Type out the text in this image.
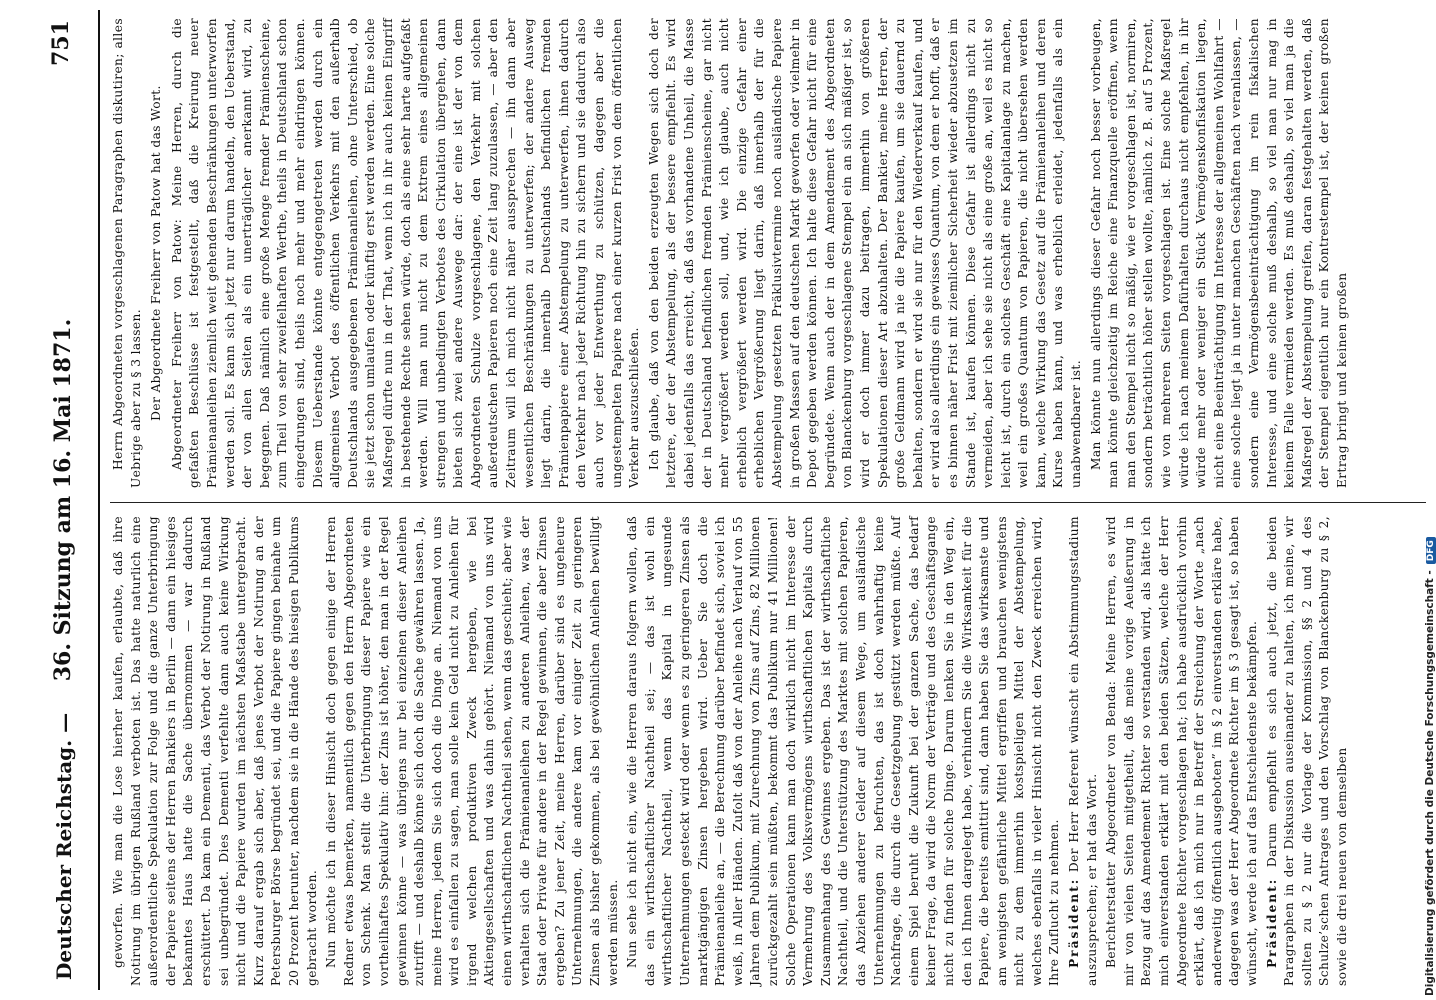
Deutscher Reichstag. —
36. Sitzung am 16. Mai 1871.
751

geworfen. Wie man die Lose hierher kaufen, erlaubte, daß ihre Notirung im übrigen Rußland verboten ist. Das hatte naturlich eine außerordentliche Spekulation zur Folge und die ganze Unterbringung der Papiere seitens der Herren Bankiers in Berlin — dann ein hiesiges bekanntes Haus hatte die Sache übernommen — war dadurch erschüttert. Da kam ein Dementi, das Verbot der Notirung in Rußland sei unbegründet. Dies Dementi verfehlte dann auch keine Wirkung nicht und die Papiere wurden im nächsten Maßstabe untergebracht. Kurz darauf ergab sich aber, daß jenes Verbot der Notirung an der Petersburger Börse begründet sei, und die Papiere gingen beinahe um 20 Prozent herunter, nachdem sie in die Hände des hiesigen Publikums gebracht worden. Nun möchte ich in dieser Hinsicht doch gegen einige der Herren Redner etwas bemerken, namentlich gegen den Herrn Abgeordneten von Schenk. Man stellt die Unterbringung dieser Papiere wie ein vortheilhaftes Spekulativ hin: der Zins ist höher, den man in der Regel gewinnen könne — was übrigens nur bei einzelnen dieser Anleihen zutrifft — und deshalb könne sich doch die Sache gewähren lassen. Ja, meine Herren, jedem Sie sich doch die Dinge an. Niemand von uns wird es einfallen zu sagen, man solle kein Geld nicht zu Anleihen für irgend welchen produktiven Zweck hergeben, wie bei Aktiengesellschaften und was dahin gehört. Niemand von uns wird einen wirthschaftlichen Nachtheil sehen, wenn das geschieht; aber wie verhalten sich die Prämienanleihen zu anderen Anleihen, was der Staat oder Private für andere in der Regel gewinnen, die aber Zinsen ergeben? Zu jener Zeit, meine Herren, darüber sind es ungeheure Unternehmungen, die andere kam vor einiger Zeit zu geringeren Zinsen als bisher gekommen, als bei gewöhnlichen Anleihen bewilligt werden müssen. Nun sehe ich nicht ein, wie die Herren daraus folgern wollen, daß das ein wirthschaftlicher Nachtheil sei; — das ist wohl ein wirthschaftlicher Nachtheil, wenn das Kapital in ungesunde Unternehmungen gesteckt wird oder wenn es zu geringeren Zinsen als marktgängigen Zinsen hergeben wird. Ueber Sie doch die Prämienanleihe an, — die Berechnung darüber befindet sich, soviel ich weiß, in Aller Händen. Zufolt daß von der Anleihe nach Verlauf von 55 Jahren dem Publikum, mit Zurechnung von Zins auf Zins, 82 Millionen zurückgezahlt sein müßten, bekommt das Publikum nur 41 Millionen! Solche Operationen kann man doch wirklich nicht im Interesse der Vermehrung des Volksvermögens wirthschaftlichen Kapitals durch Zusammenhang des Gewinnes ergeben. Das ist der wirthschaftliche Nachtheil, und die Unterstützung des Marktes mit solchen Papieren, das Abziehen anderer Gelder auf diesem Wege, um ausländische Unternehmungen zu befruchten, das ist doch wahrhaftig keine Nachfrage, die durch die Gesetzgebung gestützt werden müßte. Auf einem Spiel beruht die Zukunft bei der ganzen Sache, das bedarf keiner Frage, da wird die Norm der Verträge und des Geschäftsgange nicht zu finden für solche Dinge. Darum lenken Sie in den Weg ein, den ich Ihnen dargelegt habe, verhindern Sie die Wirksamkeit für die Papiere, die bereits emittirt sind, dann haben Sie das wirksamste und am wenigsten gefährliche Mittel ergriffen und brauchen wenigstens nicht zu dem immerhin kostspieligen Mittel der Abstempelung, welches ebenfalls in vieler Hinsicht nicht den Zweck erreichen wird, Ihre Zuflucht zu nehmen. Präsident: Der Herr Referent wünscht ein Abstimmungsstadium auszusprechen; er hat das Wort. Berichterstatter Abgeordneter von Benda: Meine Herren, es wird mir von vielen Seiten mitgetheilt, daß meine vorige Aeußerung in Bezug auf das Amendement Richter so verstanden wird, als hätte ich mich einverstanden erklärt mit den beiden Sätzen, welche der Herr Abgeordnete Richter vorgeschlagen hat; ich habe ausdrücklich vorhin erklärt, daß ich mich nur in Betreff der Streichung der Worte „nach anderweitig öffentlich ausgeboten” im § 2 einverstanden erkläre habe, dagegen was der Herr Abgeordnete Richter im § 3 gesagt ist, so haben wünscht, werde ich auf das Entschiedenste bekämpfen. Präsident: Darum empfiehlt es sich auch jetzt, die beiden Paragraphen in der Diskussion auseinander zu halten, ich meine, wir sollten zu § 2 nur die Vorlage der Kommission, §§ 2 und 4 des Schulze’schen Antrages und den Vorschlag von Blanckenburg zu § 2, sowie die drei neuen von demselben

Herrn Abgeordneten vorgeschlagenen Paragraphen diskutiren; alles Uebrige aber zu § 3 lassen. Der Abgeordnete Freiherr von Patow hat das Wort. Abgeordneter Freiherr von Patow: Meine Herren, durch die gefaßten Beschlüsse ist festgestellt, daß die Kreirung neuer Prämienanleihen ziemlich weit gehenden Beschränkungen unterworfen werden soll. Es kann sich jetzt nur darum handeln, den Ueberstand, der von allen Seiten als ein unerträglicher anerkannt wird, zu begegnen. Daß nämlich eine große Menge fremder Prämienscheine, zum Theil von sehr zweifelhaften Werthe, theils in Deutschland schon eingedrungen sind, theils noch mehr und mehr eindringen können. Diesem Ueberstande könnte entgegengetreten werden durch ein allgemeines Verbot des öffentlichen Verkehrs mit den außerhalb Deutschlands ausgegebenen Prämienanleihen, ohne Unterschied, ob sie jetzt schon umlaufen oder künftig erst werden werden. Eine solche Maßregel dürfte nun in der That, wenn ich in ihr auch keinen Eingriff in bestehende Rechte sehen würde, doch als eine sehr harte aufgefaßt werden. Will man nun nicht zu dem Extrem eines allgemeinen strengen und unbedingten Verbotes des Cirkulation übergehen, dann bieten sich zwei andere Auswege dar: der eine ist der von dem Abgeordneten Schulze vorgeschlagene, den Verkehr mit solchen außerdeutschen Papieren noch eine Zeit lang zuzulassen, — aber den Zeitraum will ich mich nicht näher aussprechen — ihn dann aber wesentlichen Beschränkungen zu unterwerfen; der andere Ausweg liegt darin, die innerhalb Deutschlands befindlichen fremden Prämienpapiere einer Abstempelung zu unterwerfen, ihnen dadurch den Verkehr nach jeder Richtung hin zu sichern und sie dadurch also auch vor jeder Entwerthung zu schützen, dagegen aber die ungestempelten Papiere nach einer kurzen Frist von dem öffentlichen Verkehr auszuschließen. Ich glaube, daß von den beiden erzeugten Wegen sich doch der letztere, der der Abstempelung, als der bessere empfiehlt. Es wird dabei jedenfalls das erreicht, daß das vorhandene Unheil, die Masse der in Deutschland befindlichen fremden Prämienscheine, gar nicht mehr vergrößert werden soll, und, wie ich glaube, auch nicht erheblich vergrößert werden wird. Die einzige Gefahr einer erheblichen Vergrößerung liegt darin, daß innerhalb der für die Abstempelung gesetzten Präklusivtermine noch ausländische Papiere in großen Massen auf den deutschen Markt geworfen oder vielmehr in Depot gegeben werden können. Ich halte diese Gefahr nicht für eine begründete. Wenn auch der in dem Amendement des Abgeordneten von Blanckenburg vorgeschlagene Stempel ein an sich mäßiger ist, so wird er doch immer dazu beitragen, immerhin von größeren Spekulationen dieser Art abzuhalten. Der Bankier, meine Herren, der große Geldmann wird ja nie die Papiere kaufen, um sie dauernd zu behalten, sondern er wird sie nur für den Wiederverkauf kaufen, und er wird also allerdings ein gewisses Quantum, von dem er hofft, daß er es binnen näher Frist mit ziemlicher Sicherheit wieder abzusetzen im Stande ist, kaufen können. Diese Gefahr ist allerdings nicht zu vermeiden, aber ich sehe sie nicht als eine große an, weil es nicht so leicht ist, durch ein solches Geschäft eine Kapitalanlage zu machen, weil ein großes Quantum von Papieren, die nicht übersehen werden kann, welche Wirkung das Gesetz auf die Prämienanleihen und deren Kurse haben kann, und was erheblich erleidet, jedenfalls als ein unabwendbarer ist. Man könnte nun allerdings dieser Gefahr noch besser vorbeugen, man könnte gleichzeitig im Reiche eine Finanzquelle eröffnen, wenn man den Stempel nicht so mäßig, wie er vorgeschlagen ist, normiren, sondern beträchtlich höher stellen wollte, nämlich z. B. auf 5 Prozent, wie von mehreren Seiten vorgeschlagen ist. Eine solche Maßregel würde ich nach meinem Dafürhalten durchaus nicht empfehlen, in ihr würde mehr oder weniger ein Stück Vermögenskonfiskation liegen, nicht eine Beeinträchtigung im Interesse der allgemeinen Wohlfahrt — eine solche liegt ja in unter manchen Geschäften nach veranlassen, — sondern eine Vermögensbeeinträchtigung im rein fiskalischen Interesse, und eine solche muß deshalb, so viel man nur mag in keinem Falle vermieden werden. Es muß deshalb, so viel man ja die Maßregel der Abstempelung greifen, daran festgehalten werden, daß der Stempel eigentlich nur ein Kontrestempel ist, der keinen großen Ertrag bringt und keinen großen

Digitalisierung gefördert durch die Deutsche Forschungsgemeinschaft -DFG
